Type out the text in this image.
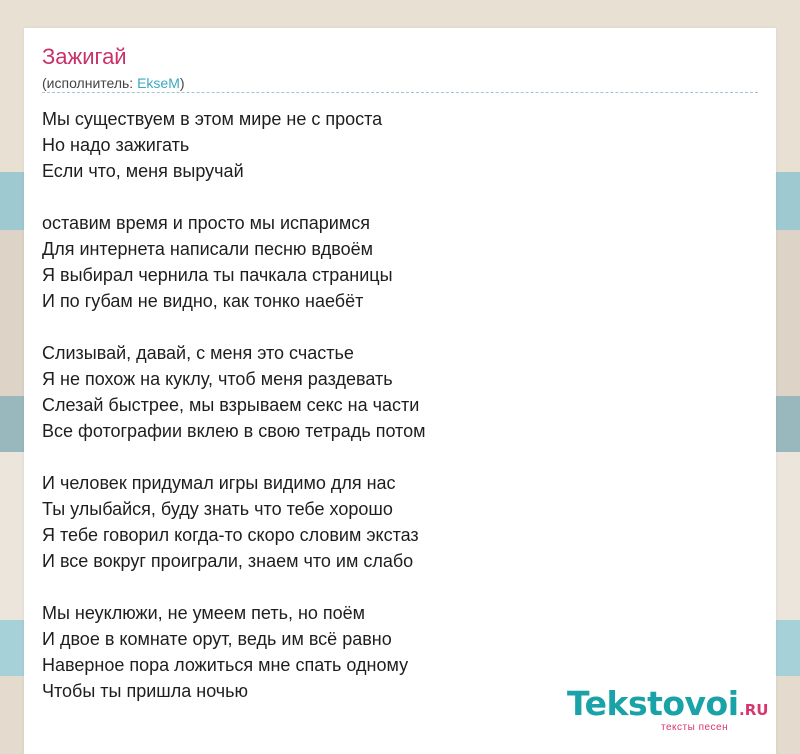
Зажигай
(исполнитель: EkseM)
Мы существуем в этом мире не с проста
Но надо зажигать
Если что, меня выручай
оставим время и просто мы испаримся
Для интернета написали песню вдвоём
Я выбирал чернила ты пачкала страницы
И по губам не видно, как тонко наебёт
Слизывай, давай, с меня это счастье
Я не похож на куклу, чтоб меня раздевать
Слезай быстрее, мы взрываем секс на части
Все фотографии вклею в свою тетрадь потом
И человек придумал игры видимо для нас
Ты улыбайся, буду знать что тебе хорошо
Я тебе говорил когда-то скоро словим экстаз
И все вокруг проиграли, знаем что им слабо
Мы неуклюжи, не умеем петь, но поём
И двое в комнате орут, ведь им всё равно
Наверное пора ложиться мне спать одному
Чтобы ты пришла ночью	Tekstovoi .RU
тексты песен
